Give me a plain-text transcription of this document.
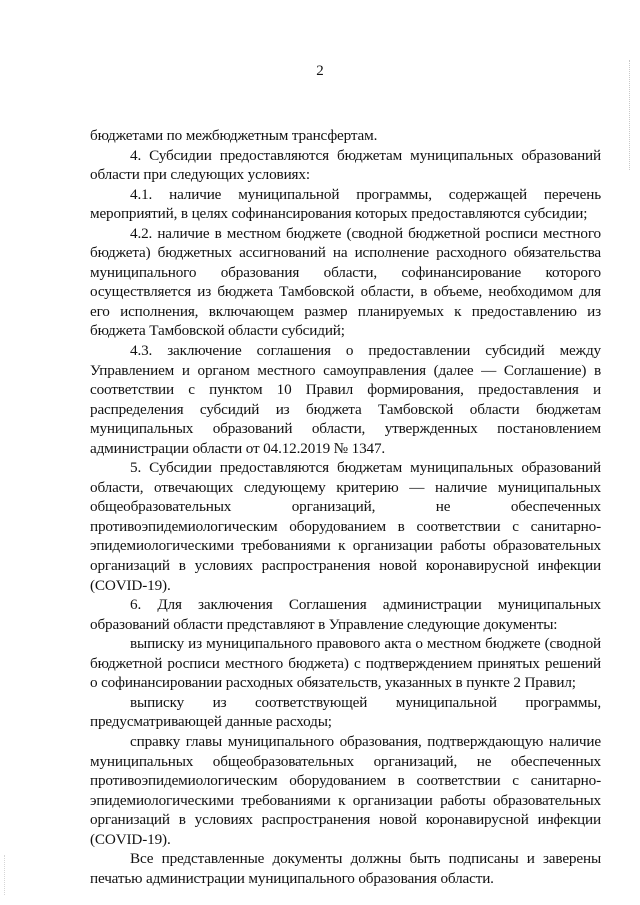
2

бюджетами по межбюджетным трансфертам.

4. Субсидии предоставляются бюджетам муниципальных образований области при следующих условиях:

4.1. наличие муниципальной программы, содержащей перечень мероприятий, в целях софинансирования которых предоставляются субсидии;

4.2. наличие в местном бюджете (сводной бюджетной росписи местного бюджета) бюджетных ассигнований на исполнение расходного обязательства муниципального образования области, софинансирование которого осуществляется из бюджета Тамбовской области, в объеме, необходимом для его исполнения, включающем размер планируемых к предоставлению из бюджета Тамбовской области субсидий;

4.3. заключение соглашения о предоставлении субсидий между Управлением и органом местного самоуправления (далее — Соглашение) в соответствии с пунктом 10 Правил формирования, предоставления и распределения субсидий из бюджета Тамбовской области бюджетам муниципальных образований области, утвержденных постановлением администрации области от 04.12.2019 № 1347.

5. Субсидии предоставляются бюджетам муниципальных образований области, отвечающих следующему критерию — наличие муниципальных общеобразовательных организаций, не обеспеченных противоэпидемиологическим оборудованием в соответствии с санитарно-эпидемиологическими требованиями к организации работы образовательных организаций в условиях распространения новой коронавирусной инфекции (COVID-19).

6. Для заключения Соглашения администрации муниципальных образований области представляют в Управление следующие документы:

выписку из муниципального правового акта о местном бюджете (сводной бюджетной росписи местного бюджета) с подтверждением принятых решений о софинансировании расходных обязательств, указанных в пункте 2 Правил;

выписку из соответствующей муниципальной программы, предусматривающей данные расходы;

справку главы муниципального образования, подтверждающую наличие муниципальных общеобразовательных организаций, не обеспеченных противоэпидемиологическим оборудованием в соответствии с санитарно-эпидемиологическими требованиями к организации работы образовательных организаций в условиях распространения новой коронавирусной инфекции (COVID-19).

Все представленные документы должны быть подписаны и заверены печатью администрации муниципального образования области.
